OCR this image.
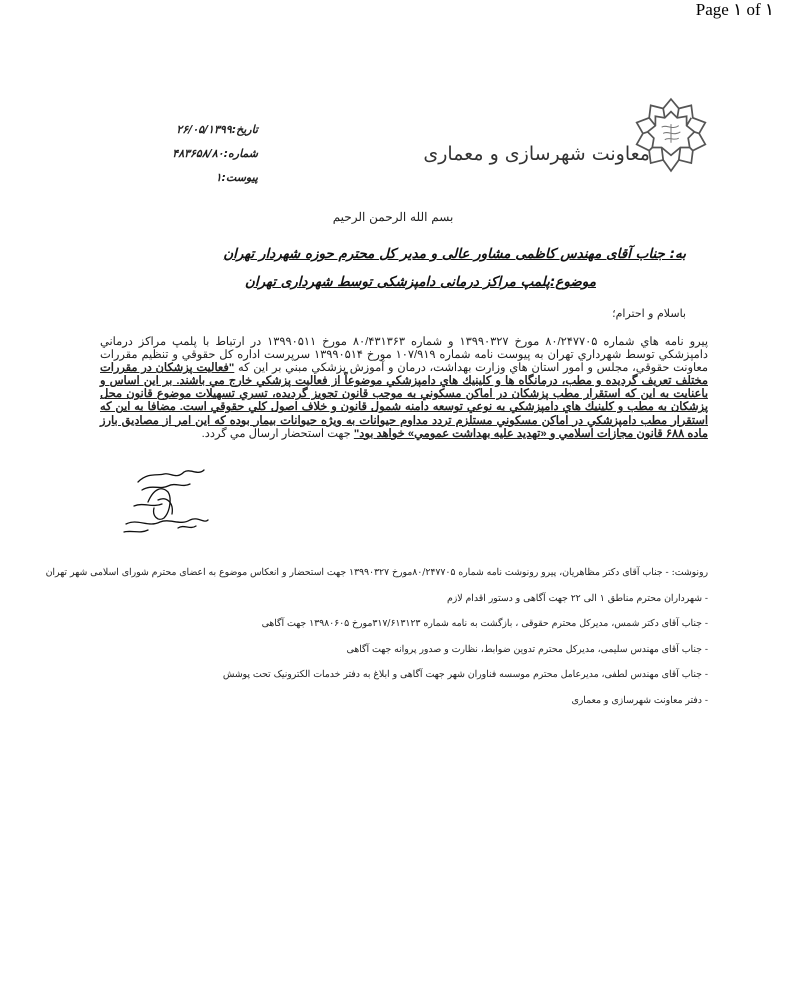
Page ۱ of ۱
معاونت شهرسازی و معماری
تاریخ:۲۶/۰۵/۱۳۹۹
شماره:۴۸۳۶۵۸/۸۰
پیوست:۱
بسم الله الرحمن الرحیم
به: جناب آقای مهندس کاظمی مشاور عالی و مدیر کل محترم حوزه شهردار تهران
موضوع:پلمپ مراکز درمانی دامپزشکی توسط شهرداری تهران
باسلام و احترام؛
پیرو نامه هاي شماره ۸۰/۲۴۷۷۰۵ مورخ ۱۳۹۹۰۳۲۷ و شماره ۸۰/۴۳۱۳۶۳ مورخ ۱۳۹۹۰۵۱۱ در ارتباط با پلمپ مراکز درماني دامپزشكي توسط شهرداري تهران به پيوست نامه شماره ۱۰۷/۹۱۹ مورخ ۱۳۹۹۰۵۱۴ سرپرست اداره كل حقوقي و تنظيم مقررات معاونت حقوقي، مجلس و امور استان هاي وزارت بهداشت، درمان و آموزش پزشكي مبني بر اين كه "فعاليت پزشكان در مقررات مختلف تعريف گرديده و مطب، درمانگاه ها و كلينيك هاي دامپزشكي موضوعاً از فعاليت پزشكي خارج مي باشند. بر اين اساس و باعنايت به اين كه استقرار مطب پزشكان در اماكن مسكوني به موجب قانون تجويز گرديده، تسري تسهيلات موضوع قانون محل پزشكان به مطب و كلينيك هاي دامپزشكي به نوعي توسعه دامنه شمول قانون و خلاف اصول كلي حقوقي است. مضافا به اين كه استقرار مطب دامپزشكي در اماكن مسكوني مستلزم تردد مداوم حيوانات به ويژه حيوانات بيمار بوده كه اين امر از مصاديق بارز ماده ۶۸۸ قانون مجازات اسلامي و «تهديد عليه بهداشت عمومي» خواهد بود" جهت استحضار ارسال مي گردد.
رونوشت: - جناب آقای دکتر مظاهریان، پیرو رونوشت نامه شماره ۸۰/۲۴۷۷۰۵مورخ ۱۳۹۹۰۳۲۷ جهت استحضار و انعکاس موضوع به اعضای محترم شورای اسلامی شهر تهران
- شهرداران محترم مناطق ۱ الی ۲۲ جهت آگاهی و دستور اقدام لازم
- جناب آقای دکتر شمس، مدیرکل محترم حقوقی ، بازگشت به نامه شماره ۳۱۷/۶۱۳۱۲۳مورخ ۱۳۹۸۰۶۰۵ جهت آگاهی
- جناب آقای مهندس سلیمی، مدیرکل محترم تدوین ضوابط، نظارت و صدور پروانه جهت آگاهی
- جناب آقای مهندس لطفی، مدیرعامل محترم موسسه فناوران شهر جهت آگاهی و ابلاغ به دفتر خدمات الکترونیک تحت پوشش
- دفتر معاونت شهرسازی و معماری
